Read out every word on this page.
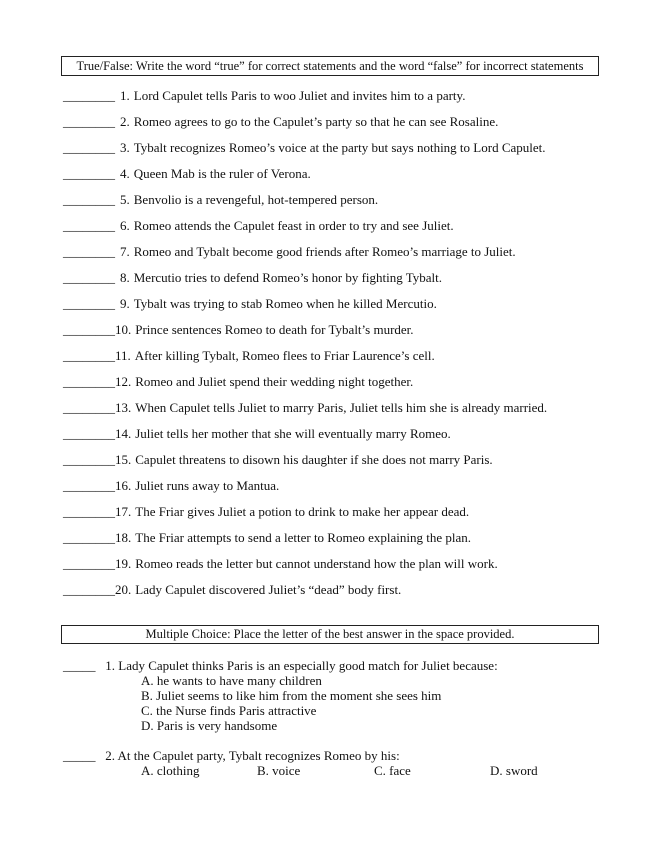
True/False: Write the word “true” for correct statements and the word “false” for incorrect statements
________ 1. Lord Capulet tells Paris to woo Juliet and invites him to a party.
________ 2. Romeo agrees to go to the Capulet’s party so that he can see Rosaline.
________ 3. Tybalt recognizes Romeo’s voice at the party but says nothing to Lord Capulet.
________ 4. Queen Mab is the ruler of Verona.
________ 5. Benvolio is a revengeful, hot-tempered person.
________ 6. Romeo attends the Capulet feast in order to try and see Juliet.
________ 7. Romeo and Tybalt become good friends after Romeo’s marriage to Juliet.
________ 8. Mercutio tries to defend Romeo’s honor by fighting Tybalt.
________ 9. Tybalt was trying to stab Romeo when he killed Mercutio.
________10. Prince sentences Romeo to death for Tybalt’s murder.
________11. After killing Tybalt, Romeo flees to Friar Laurence’s cell.
________12. Romeo and Juliet spend their wedding night together.
________13. When Capulet tells Juliet to marry Paris, Juliet tells him she is already married.
________14. Juliet tells her mother that she will eventually marry Romeo.
________15. Capulet threatens to disown his daughter if she does not marry Paris.
________16. Juliet runs away to Mantua.
________17. The Friar gives Juliet a potion to drink to make her appear dead.
________18. The Friar attempts to send a letter to Romeo explaining the plan.
________19. Romeo reads the letter but cannot understand how the plan will work.
________20. Lady Capulet discovered Juliet’s “dead” body first.
Multiple Choice: Place the letter of the best answer in the space provided.
_____ 1. Lady Capulet thinks Paris is an especially good match for Juliet because:
A. he wants to have many children
B. Juliet seems to like him from the moment she sees him
C. the Nurse finds Paris attractive
D. Paris is very handsome
_____ 2. At the Capulet party, Tybalt recognizes Romeo by his:
A. clothing	B. voice	C. face	D. sword
